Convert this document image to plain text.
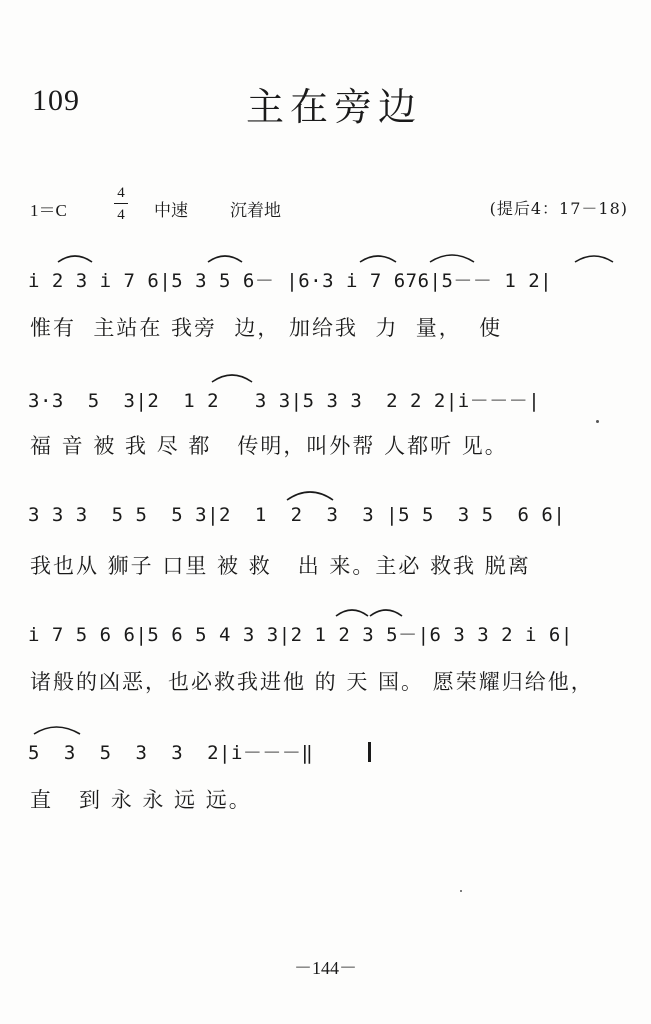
109	主在旁边
1＝C
4
4 中速 沉着地	(提后4：17－18)
i 2 3 i 7 6|5 3 5 6－ |6·3 i 7 676|5－－ 1 2|
惟有  主站在 我旁  边， 加给我  力  量，  使
3·3  5  3|2  1 2   3 3|5 3 3  2 2 2|i－－－|
福 音 被 我 尽 都   传明，叫外帮 人都听 见。
3 3 3  5 5  5 3|2  1  2  3  3 |5 5  3 5  6 6|
我也从 狮子 口里 被 救   出 来。主必 救我 脱离
i 7 5 6 6|5 6 5 4 3 3|2 1 2 3 5－|6 3 3 2 i 6|
诸般的凶恶，也必救我进他 的 天 国。 愿荣耀归给他，
5  3  5  3  3  2|i－－－‖
直   到 永 永 远 远。
－144－
